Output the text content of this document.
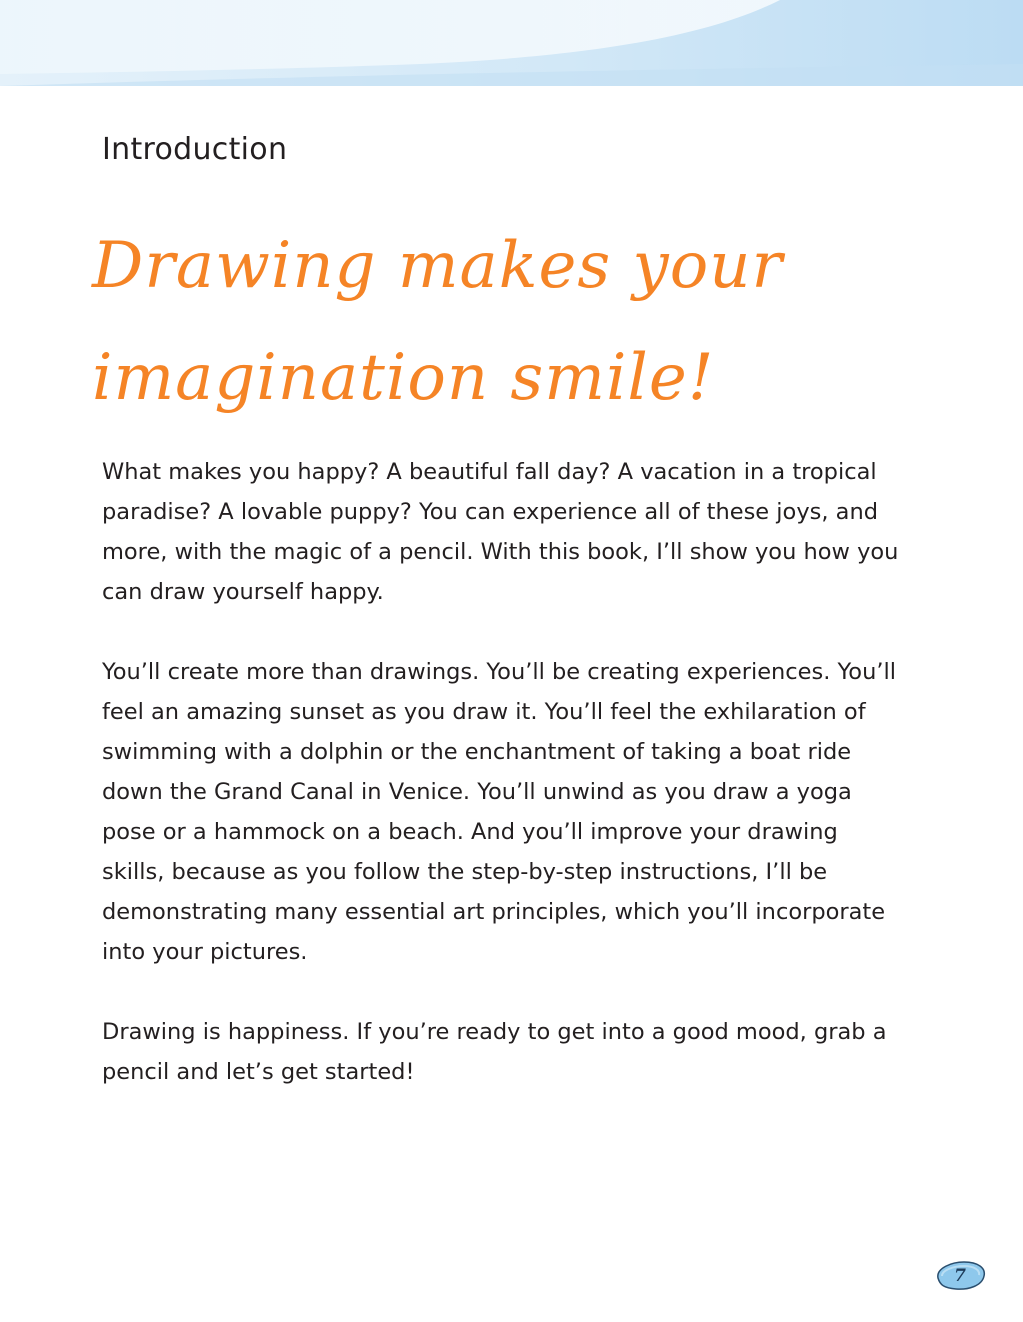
Introduction
Drawing makes your
imagination smile!

What makes you happy? A beautiful fall day? A vacation in a tropical paradise? A lovable puppy? You can experience all of these joys, and more, with the magic of a pencil. With this book, I’ll show you how you can draw yourself happy.

You’ll create more than drawings. You’ll be creating experiences. You’ll feel an amazing sunset as you draw it. You’ll feel the exhilaration of swimming with a dolphin or the enchantment of taking a boat ride down the Grand Canal in Venice. You’ll unwind as you draw a yoga pose or a hammock on a beach. And you’ll improve your drawing skills, because as you follow the step-by-step instructions, I’ll be demonstrating many essential art principles, which you’ll incorporate into your pictures.

Drawing is happiness. If you’re ready to get into a good mood, grab a pencil and let’s get started!

7
